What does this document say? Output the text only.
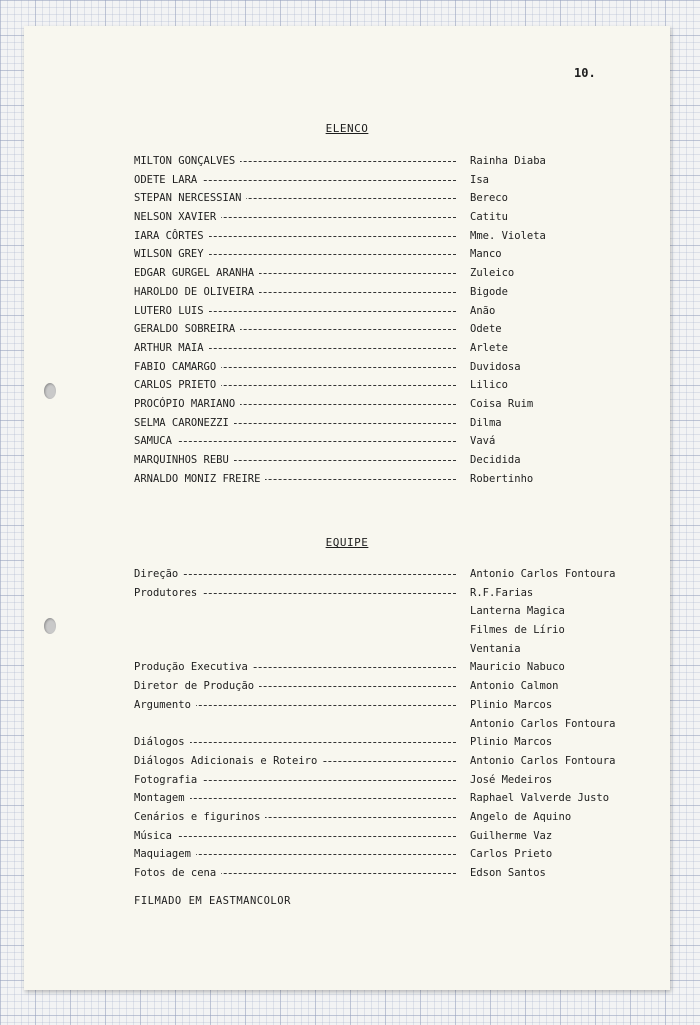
10.
ELENCO
MILTON GONÇALVES	Rainha Diaba
ODETE LARA	Isa
STEPAN NERCESSIAN	Bereco
NELSON XAVIER	Catitu
IARA CÔRTES	Mme. Violeta
WILSON GREY	Manco
EDGAR GURGEL ARANHA	Zuleico
HAROLDO DE OLIVEIRA	Bigode
LUTERO LUIS	Anão
GERALDO SOBREIRA	Odete
ARTHUR MAIA	Arlete
FABIO CAMARGO	Duvidosa
CARLOS PRIETO	Lilico
PROCÓPIO MARIANO	Coisa Ruim
SELMA CARONEZZI	Dilma
SAMUCA	Vavá
MARQUINHOS REBU	Decidida
ARNALDO MONIZ FREIRE	Robertinho
EQUIPE
Direção	Antonio Carlos Fontoura
Produtores	R.F.Farias
Lanterna Magica
Filmes de Lírio
Ventania
Produção Executiva	Mauricio Nabuco
Diretor de Produção	Antonio Calmon
Argumento	Plinio Marcos
Antonio Carlos Fontoura
Diálogos	Plinio Marcos
Diálogos Adicionais e Roteiro	Antonio Carlos Fontoura
Fotografia	José Medeiros
Montagem	Raphael Valverde Justo
Cenários e figurinos	Angelo de Aquino
Música	Guilherme Vaz
Maquiagem	Carlos Prieto
Fotos de cena	Edson Santos
FILMADO EM EASTMANCOLOR
